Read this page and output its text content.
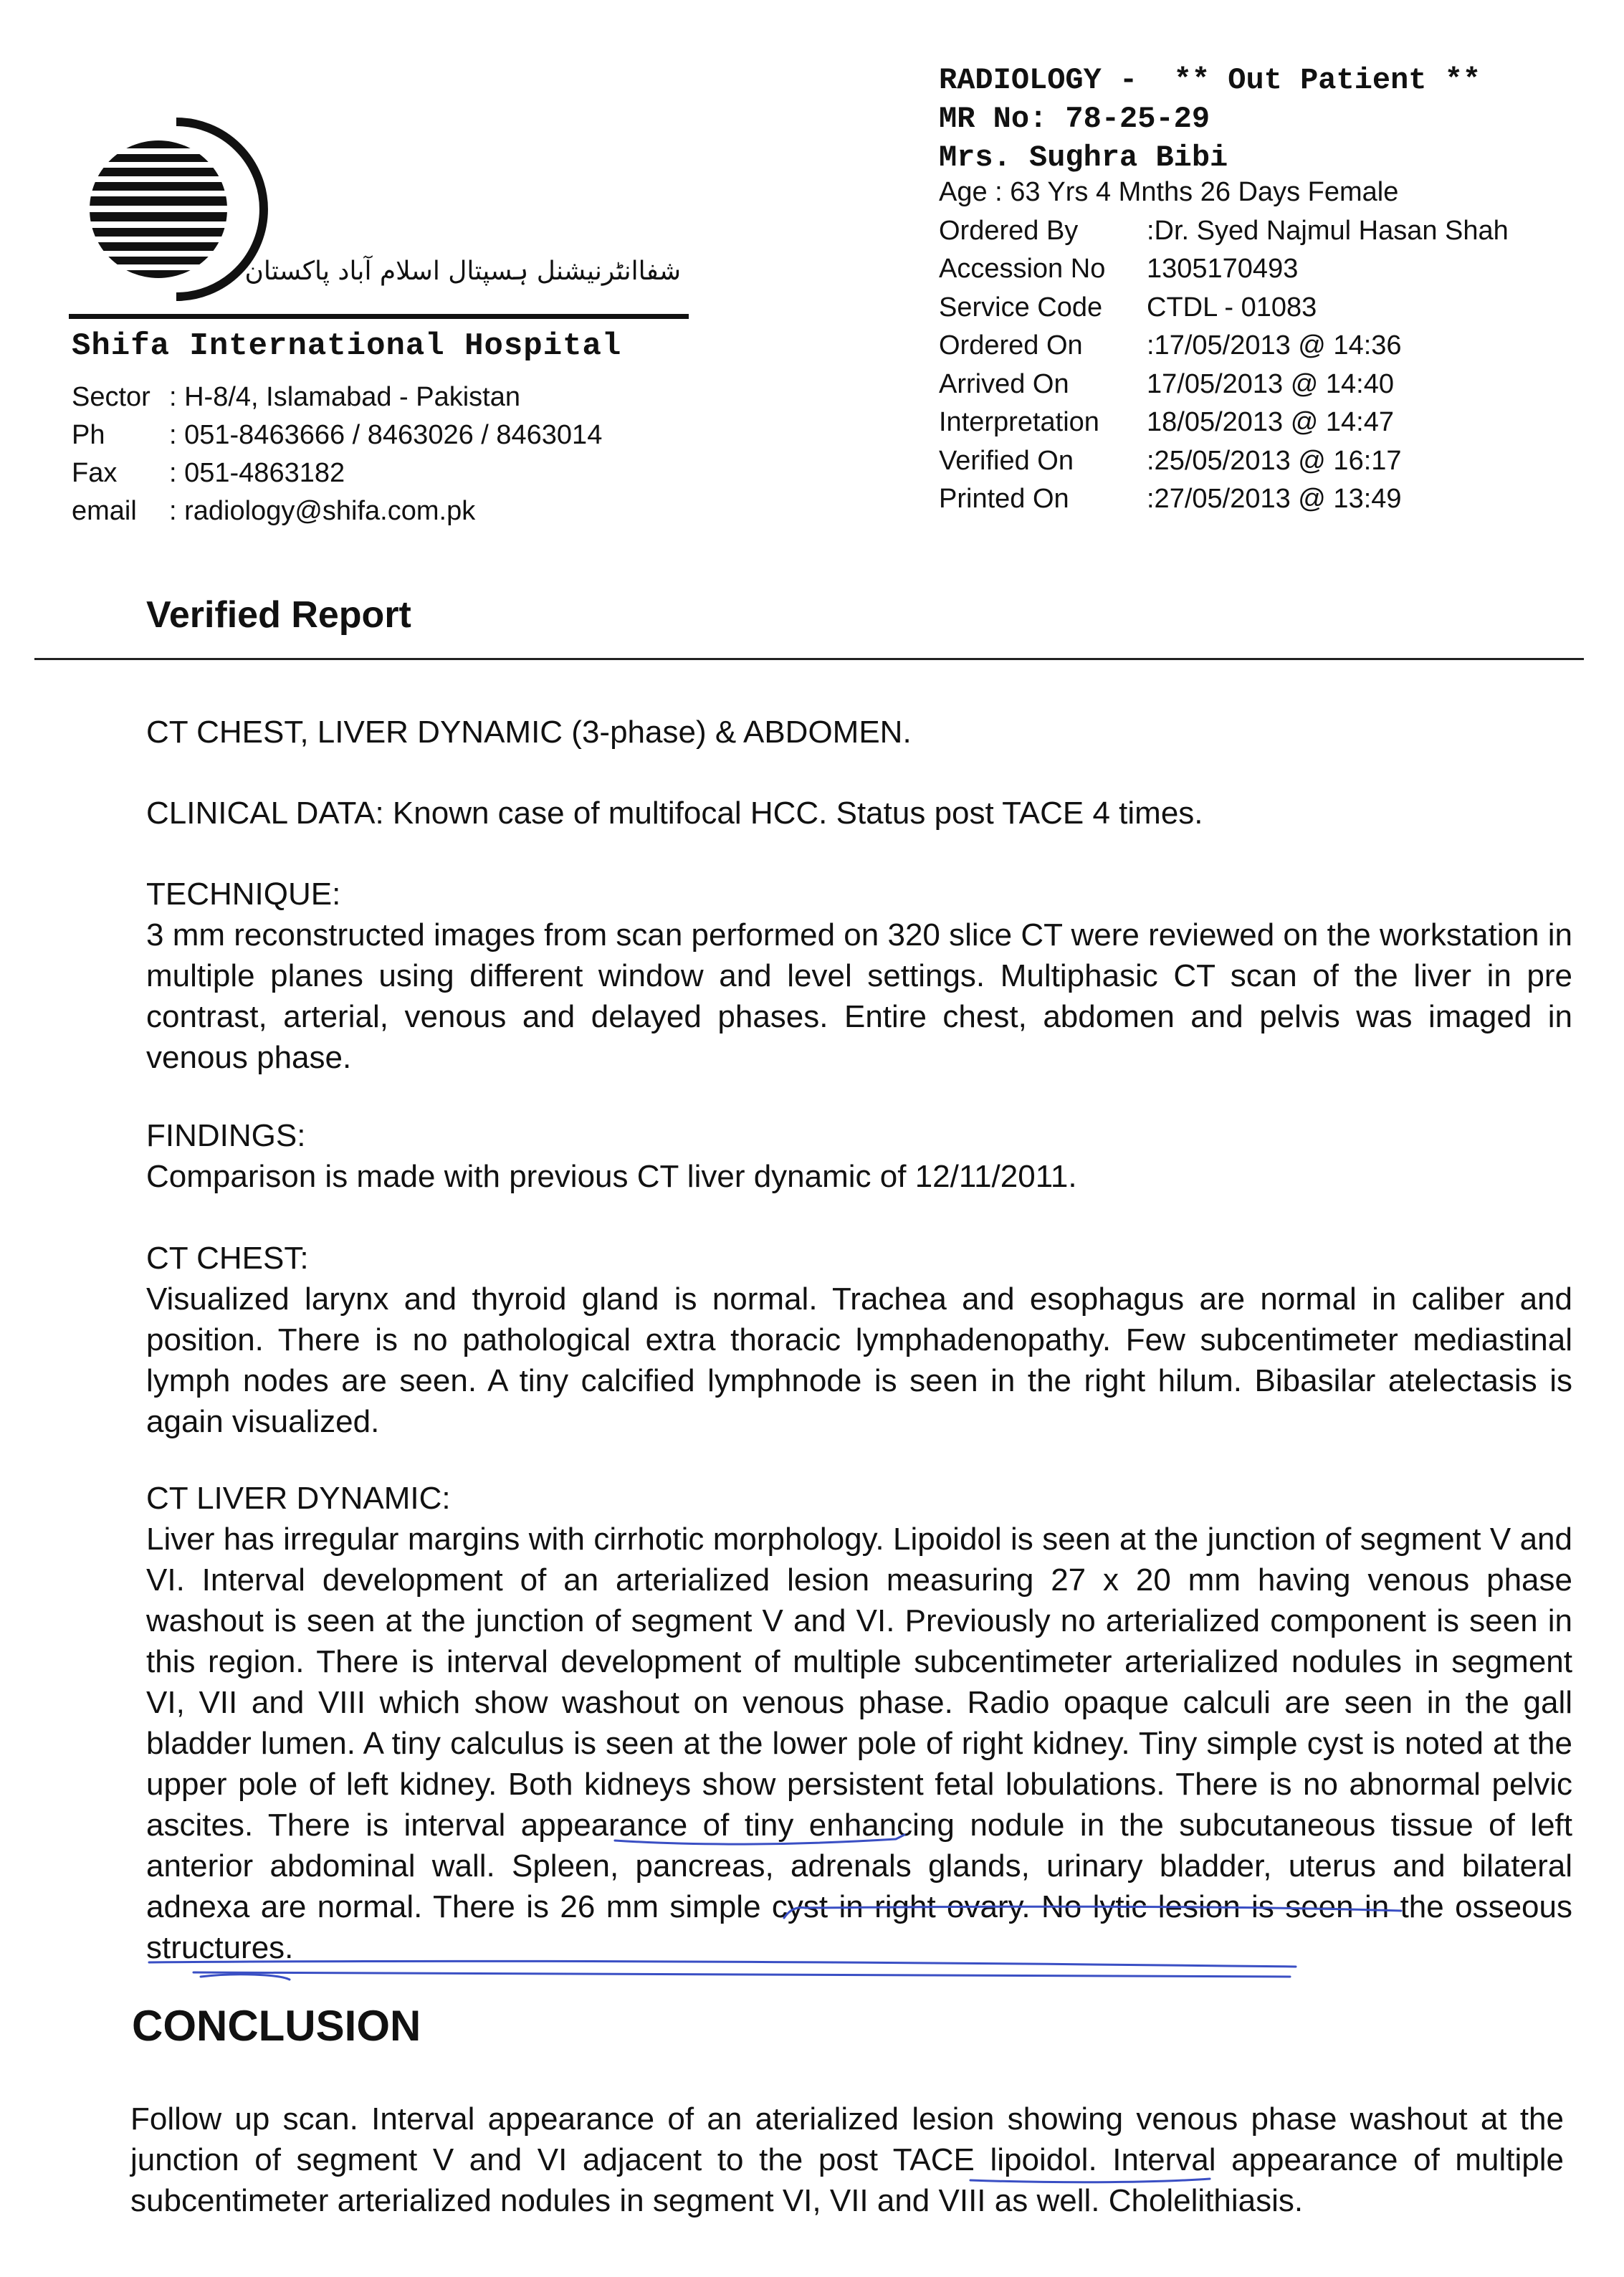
شفاانٹرنیشنل ہسپتال اسلام آباد پاکستان
Shifa International Hospital
Sector : H-8/4, Islamabad - Pakistan
Ph	: 051-8463666 / 8463026 / 8463014
Fax	: 051-4863182
email	: radiology@shifa.com.pk
RADIOLOGY -  ** Out Patient **
MR No: 78-25-29
Mrs. Sughra Bibi
Age : 63 Yrs 4 Mnths 26 Days Female
Ordered By	:Dr. Syed Najmul Hasan Shah
Accession No	1305170493
Service Code	CTDL - 01083
Ordered On	:17/05/2013 @ 14:36
Arrived On	17/05/2013 @ 14:40
Interpretation	18/05/2013 @ 14:47
Verified On	:25/05/2013 @ 16:17
Printed On	:27/05/2013 @ 13:49
Verified Report
CT CHEST, LIVER DYNAMIC (3-phase) & ABDOMEN.
CLINICAL DATA: Known case of multifocal HCC. Status post TACE 4 times.
TECHNIQUE:
3 mm reconstructed images from scan performed on 320 slice CT were reviewed on the workstation in multiple planes using different window and level settings. Multiphasic CT scan of the liver in pre contrast, arterial, venous and delayed phases. Entire chest, abdomen and pelvis was imaged in venous phase.
FINDINGS:
Comparison is made with previous CT liver dynamic of 12/11/2011.
CT CHEST:
Visualized larynx and thyroid gland is normal. Trachea and esophagus are normal in caliber and position. There is no pathological extra thoracic lymphadenopathy. Few subcentimeter mediastinal lymph nodes are seen. A tiny calcified lymphnode is seen in the right hilum. Bibasilar atelectasis is again visualized.
CT LIVER DYNAMIC:
Liver has irregular margins with cirrhotic morphology. Lipoidol is seen at the junction of segment V and VI. Interval development of an arterialized lesion measuring 27 x 20 mm having venous phase washout is seen at the junction of segment V and VI. Previously no arterialized component is seen in this region. There is interval development of multiple subcentimeter arterialized nodules in segment VI, VII and VIII which show washout on venous phase. Radio opaque calculi are seen in the gall bladder lumen. A tiny calculus is seen at the lower pole of right kidney. Tiny simple cyst is noted at the upper pole of left kidney. Both kidneys show persistent fetal lobulations. There is no abnormal pelvic ascites. There is interval appearance of tiny enhancing nodule in the subcutaneous tissue of left anterior abdominal wall. Spleen, pancreas, adrenals glands, urinary bladder, uterus and bilateral adnexa are normal. There is 26 mm simple cyst in right ovary. No lytic lesion is seen in the osseous structures.
CONCLUSION
Follow up scan. Interval appearance of an aterialized lesion showing venous phase washout at the junction of segment V and VI adjacent to the post TACE lipoidol. Interval appearance of multiple subcentimeter arterialized nodules in segment VI, VII and VIII as well. Cholelithiasis.
